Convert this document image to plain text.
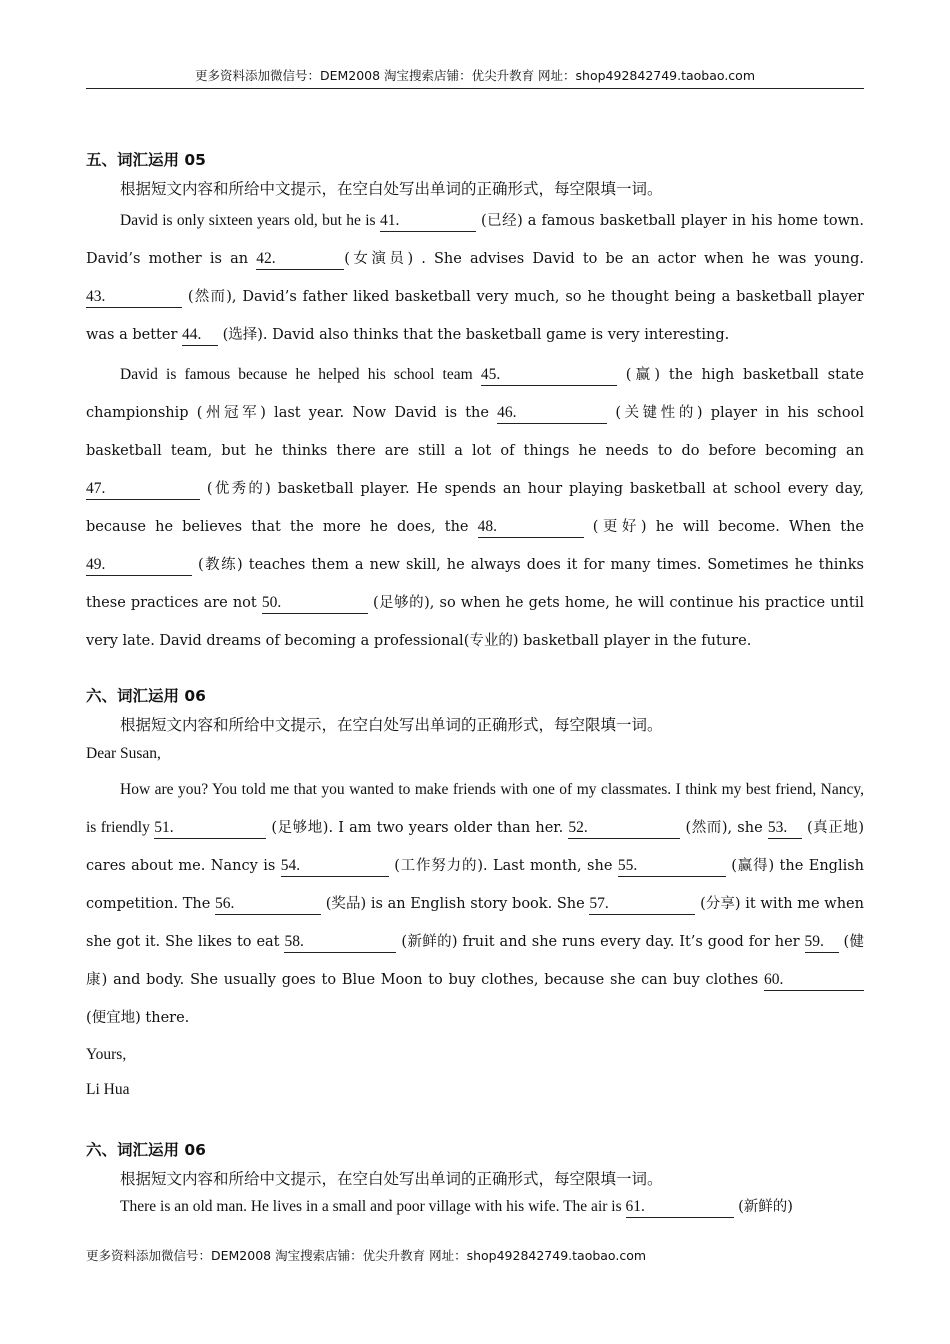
更多资料添加微信号：DEM2008 淘宝搜索店铺：优尖升教育 网址：shop492842749.taobao.com
五、词汇运用 05
根据短文内容和所给中文提示，在空白处写出单词的正确形式，每空限填一词。
David is only sixteen years old, but he is 41.	(已经) a famous basketball player in his home town. David’s mother is an 42.	(女演员) . She advises David to be an actor when he was young. 43.	(然而), David’s father liked basketball very much, so he thought being a basketball player was a better 44. (选择). David also thinks that the basketball game is very interesting.
David is famous because he helped his school team 45.	(赢) the high basketball state championship (州冠军) last year. Now David is the 46.	(关键性的) player in his school basketball team, but he thinks there are still a lot of things he needs to do before becoming an 47.	(优秀的) basketball player. He spends an hour playing basketball at school every day, because he believes that the more he does, the 48.	(更好) he will become. When the 49.	(教练) teaches them a new skill, he always does it for many times. Sometimes he thinks these practices are not 50.	(足够的), so when he gets home, he will continue his practice until very late. David dreams of becoming a professional(专业的) basketball player in the future.
六、词汇运用 06
根据短文内容和所给中文提示，在空白处写出单词的正确形式，每空限填一词。
Dear Susan,
How are you? You told me that you wanted to make friends with one of my classmates. I think my best friend, Nancy, is friendly 51.	(足够地). I am two years older than her. 52.	(然而), she 53. (真正地) cares about me. Nancy is 54.	(工作努力的). Last month, she 55.	(赢得) the English competition. The 56.	(奖品) is an English story book. She 57.	(分享) it with me when she got it. She likes to eat 58.	(新鲜的) fruit and she runs every day. It’s good for her 59. (健康) and body. She usually goes to Blue Moon to buy clothes, because she can buy clothes 60. (便宜地) there.
Yours,
Li Hua
六、词汇运用 06
根据短文内容和所给中文提示，在空白处写出单词的正确形式，每空限填一词。
There is an old man. He lives in a small and poor village with his wife. The air is 61.	(新鲜的)
更多资料添加微信号：DEM2008 淘宝搜索店铺：优尖升教育 网址：shop492842749.taobao.com
